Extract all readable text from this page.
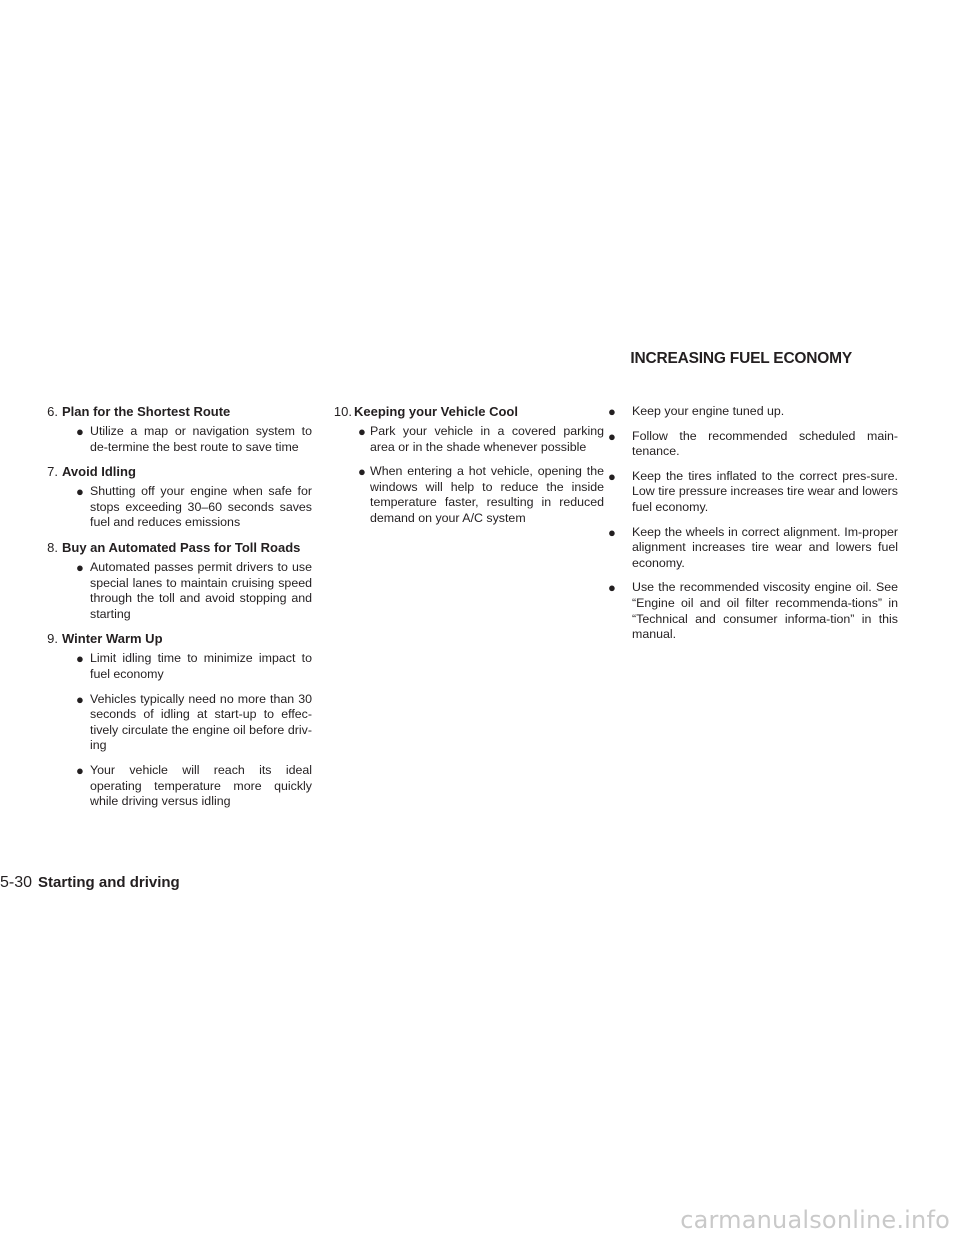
INCREASING FUEL ECONOMY
6. Plan for the Shortest Route
● Utilize a map or navigation system to de-termine the best route to save time
7. Avoid Idling
● Shutting off your engine when safe for stops exceeding 30–60 seconds saves fuel and reduces emissions
8. Buy an Automated Pass for Toll Roads
● Automated passes permit drivers to use special lanes to maintain cruising speed through the toll and avoid stopping and starting
9. Winter Warm Up
● Limit idling time to minimize impact to fuel economy
● Vehicles typically need no more than 30 seconds of idling at start-up to effec-tively circulate the engine oil before driv-ing
● Your vehicle will reach its ideal operating temperature more quickly while driving versus idling
10. Keeping your Vehicle Cool
● Park your vehicle in a covered parking area or in the shade whenever possible
● When entering a hot vehicle, opening the windows will help to reduce the inside temperature faster, resulting in reduced demand on your A/C system
● Keep your engine tuned up.
● Follow the recommended scheduled main-tenance.
● Keep the tires inflated to the correct pres-sure. Low tire pressure increases tire wear and lowers fuel economy.
● Keep the wheels in correct alignment. Im-proper alignment increases tire wear and lowers fuel economy.
● Use the recommended viscosity engine oil. See “Engine oil and oil filter recommenda-tions” in “Technical and consumer informa-tion” in this manual.
5-30 Starting and driving
carmanualsonline.info
